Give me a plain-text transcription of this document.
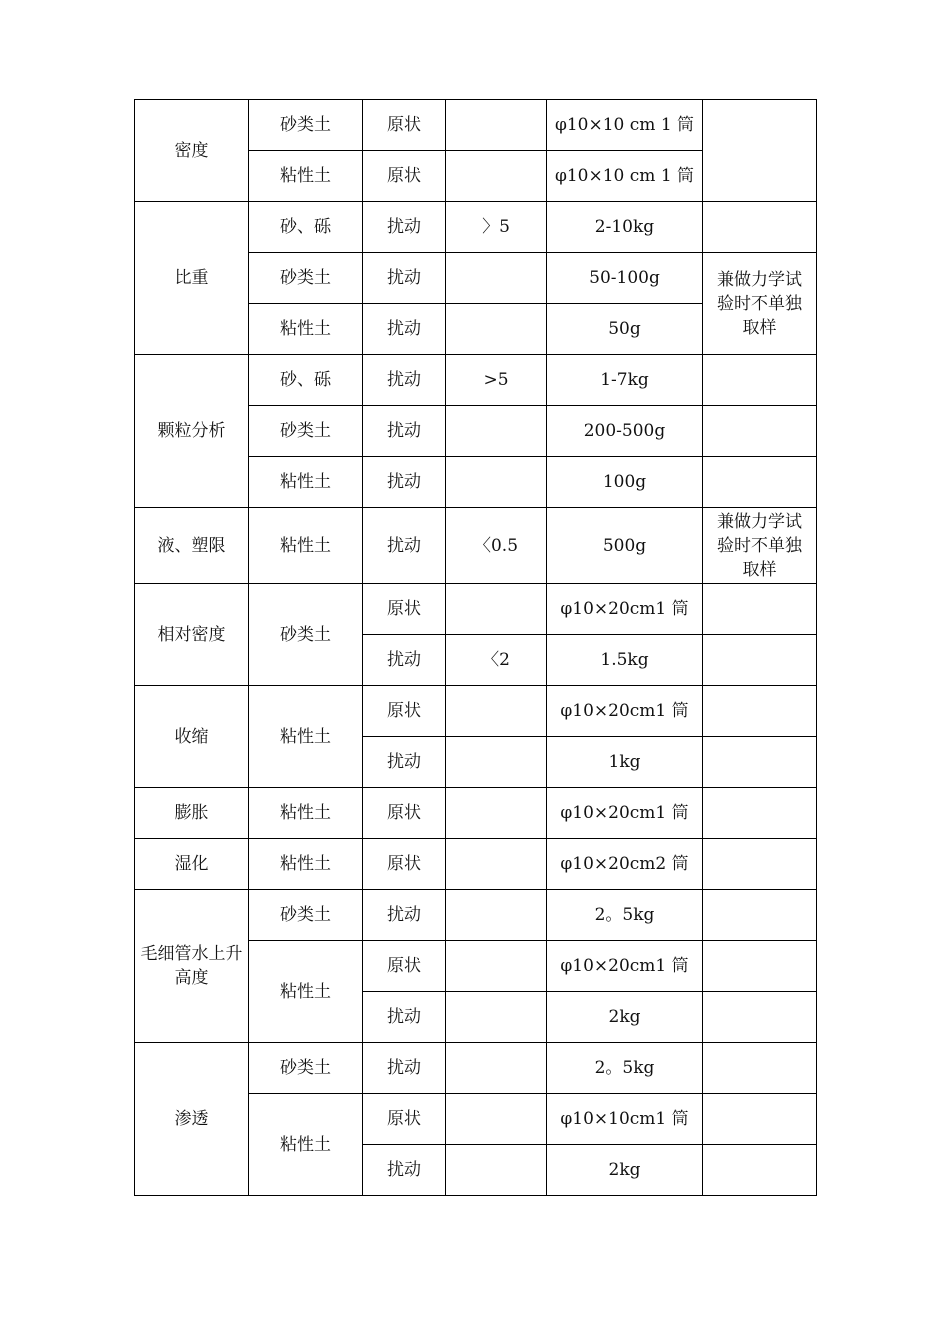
密度	砂类土	原状		φ10×10 cm 1 筒	
	粘性土	原状		φ10×10 cm 1 筒	
比重	砂、砾	扰动	〉5	2-10kg	
	砂类土	扰动		50-100g	兼做力学试验时不单独取样
	粘性土	扰动		50g	
颗粒分析	砂、砾	扰动	>5	1-7kg	
	砂类土	扰动		200-500g	
	粘性土	扰动		100g	
液、塑限	粘性土	扰动	〈0.5	500g	兼做力学试验时不单独取样
相对密度	砂类土	原状		φ10×20cm1 筒	
		扰动	〈2	1.5kg	
收缩	粘性土	原状		φ10×20cm1 筒	
		扰动		1kg	
膨胀	粘性土	原状		φ10×20cm1 筒	
湿化	粘性土	原状		φ10×20cm2 筒	
毛细管水上升高度	砂类土	扰动		2。5kg	
	粘性土	原状		φ10×20cm1 筒	
		扰动		2kg	
渗透	砂类土	扰动		2。5kg	
	粘性土	原状		φ10×10cm1 筒	
		扰动		2kg	
